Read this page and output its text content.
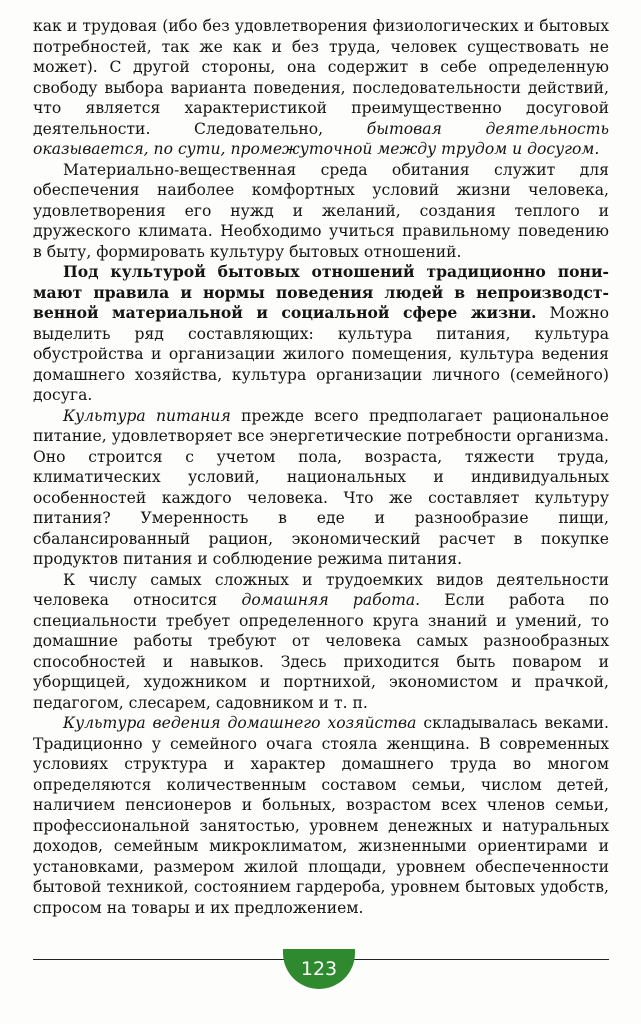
как и трудовая (ибо без удовлетворения физиологических и бытовых потребностей, так же как и без труда, человек существовать не может). С другой стороны, она содержит в себе определенную свободу выбора варианта поведения, последовательности действий, что является характеристикой преимущественно досуговой деятельности. Следовательно, бытовая деятельность оказывается, по сути, промежуточной между трудом и досугом.

Материально-вещественная среда обитания служит для обеспечения наиболее комфортных условий жизни человека, удовлетворения его нужд и желаний, создания теплого и дружеского климата. Необходимо учиться правильному поведению в быту, формировать культуру бытовых отношений.

Под культурой бытовых отношений традиционно понимают правила и нормы поведения людей в непроизводственной материальной и социальной сфере жизни. Можно выделить ряд составляющих: культура питания, культура обустройства и организации жилого помещения, культура ведения домашнего хозяйства, культура организации личного (семейного) досуга.

Культура питания прежде всего предполагает рациональное питание, удовлетворяет все энергетические потребности организма. Оно строится с учетом пола, возраста, тяжести труда, климатических условий, национальных и индивидуальных особенностей каждого человека. Что же составляет культуру питания? Умеренность в еде и разнообразие пищи, сбалансированный рацион, экономический расчет в покупке продуктов питания и соблюдение режима питания.

К числу самых сложных и трудоемких видов деятельности человека относится домашняя работа. Если работа по специальности требует определенного круга знаний и умений, то домашние работы требуют от человека самых разнообразных способностей и навыков. Здесь приходится быть поваром и уборщицей, художником и портнихой, экономистом и прачкой, педагогом, слесарем, садовником и т. п.

Культура ведения домашнего хозяйства складывалась веками. Традиционно у семейного очага стояла женщина. В современных условиях структура и характер домашнего труда во многом определяются количественным составом семьи, числом детей, наличием пенсионеров и больных, возрастом всех членов семьи, профессиональной занятостью, уровнем денежных и натуральных доходов, семейным микроклиматом, жизненными ориентирами и установками, размером жилой площади, уровнем обеспеченности бытовой техникой, состоянием гардероба, уровнем бытовых удобств, спросом на товары и их предложением.

123
